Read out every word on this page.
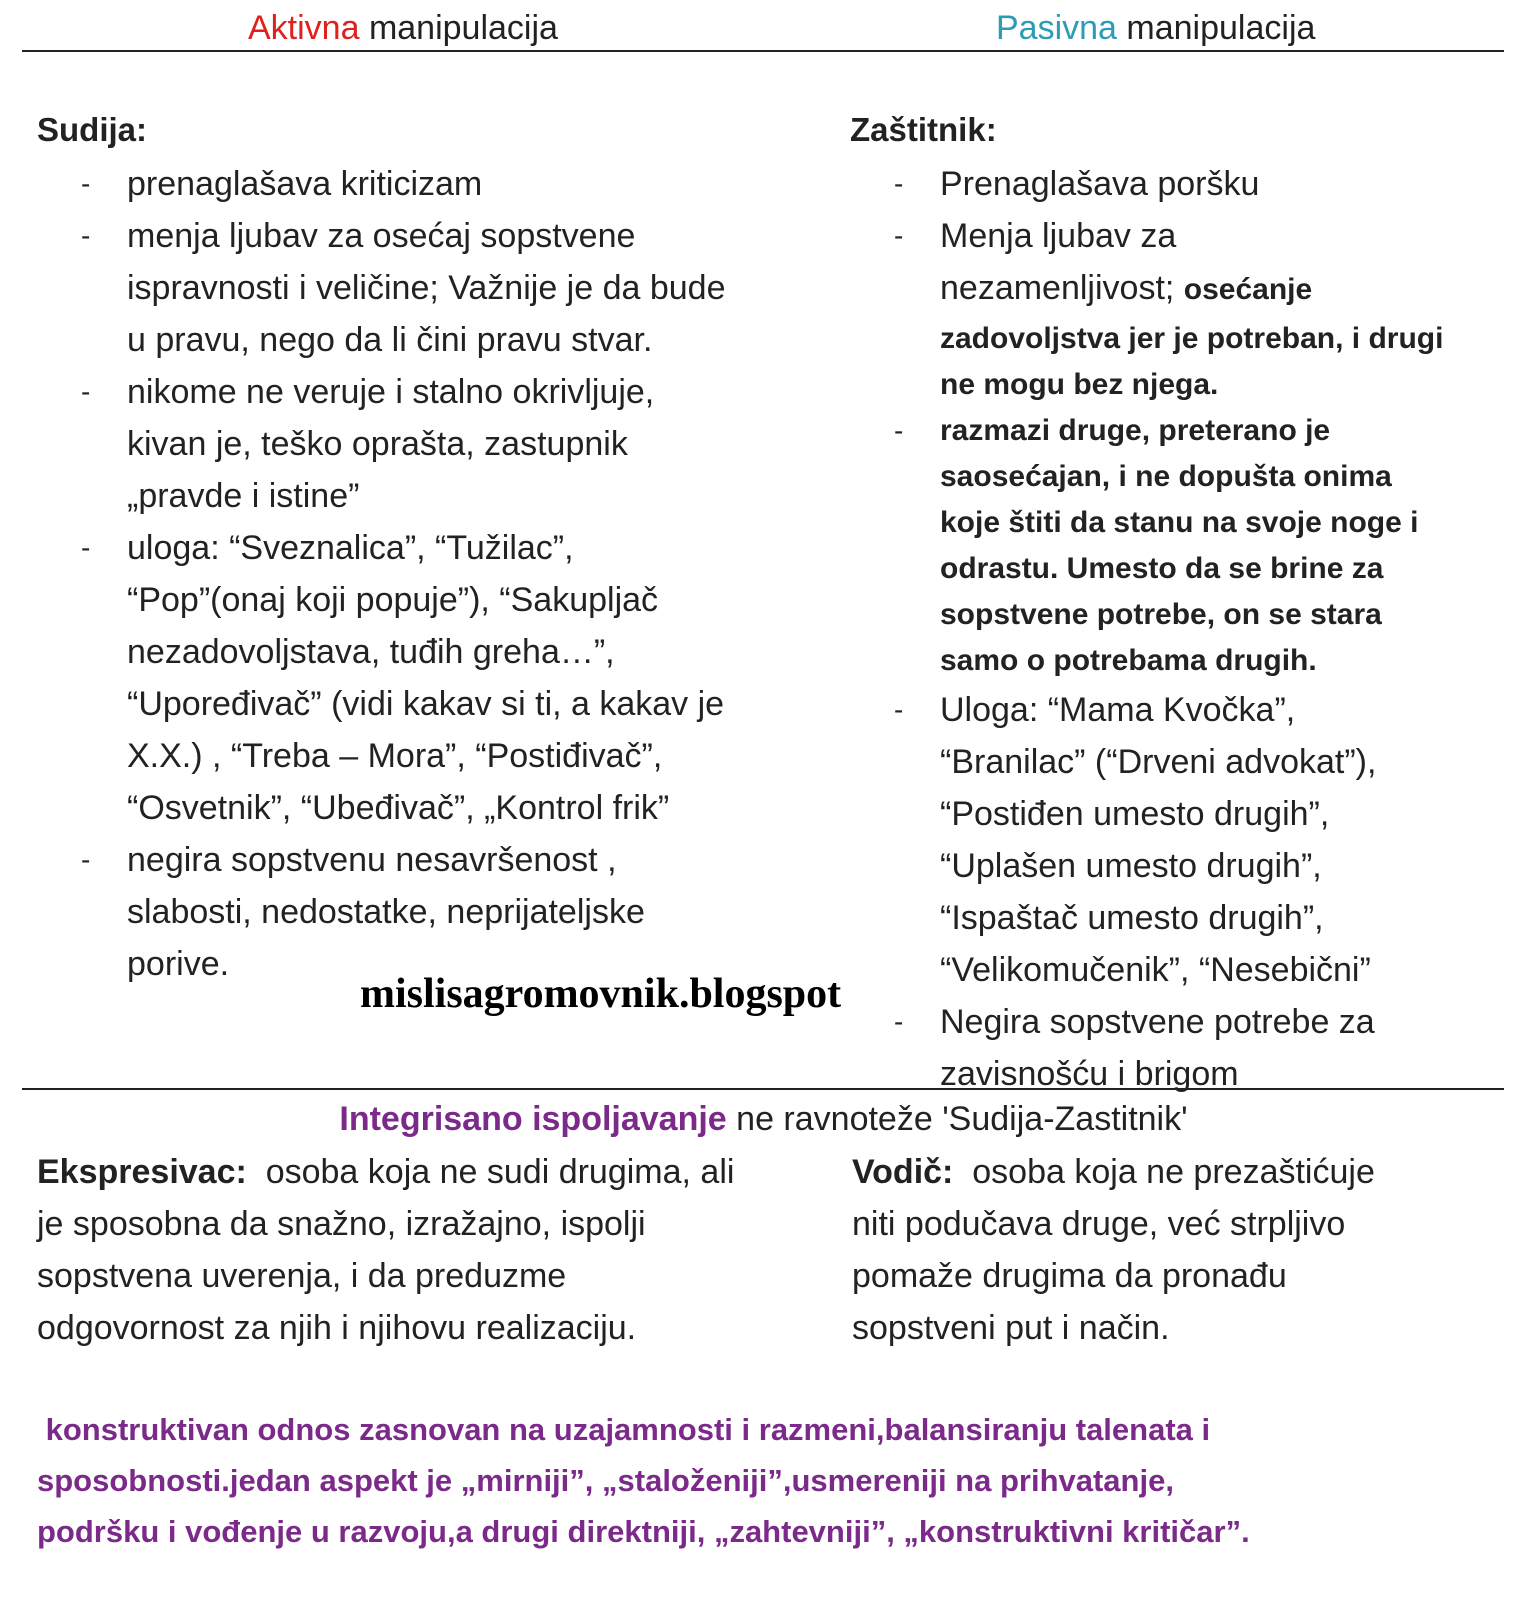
Aktivna manipulacija	Pasivna manipulacija
Sudija:
- prenaglašava kriticizam
- menja ljubav za osećaj sopstvene
ispravnosti i veličine; Važnije je da bude
u pravu, nego da li čini pravu stvar.
- nikome ne veruje i stalno okrivljuje,
kivan je, teško oprašta, zastupnik
„pravde i istine”
- uloga: “Sveznalica”, “Tužilac”,
“Pop”(onaj koji popuje”), “Sakupljač
nezadovoljstava, tuđih greha…”,
“Upoređivač” (vidi kakav si ti, a kakav je
X.X.) , “Treba – Mora”, “Postiđivač”,
“Osvetnik”, “Ubeđivač”, „Kontrol frik”
- negira sopstvenu nesavršenost ,
slabosti, nedostatke, neprijateljske
porive.
Zaštitnik:
- Prenaglašava poršku
- Menja ljubav za
nezamenljivost; osećanje
zadovoljstva jer je potreban, i drugi
ne mogu bez njega.
- razmazi druge, preterano je
saosećajan, i ne dopušta onima
koje štiti da stanu na svoje noge i
odrastu. Umesto da se brine za
sopstvene potrebe, on se stara
samo o potrebama drugih.
- Uloga: “Mama Kvočka”,
“Branilac” (“Drveni advokat”),
“Postiđen umesto drugih”,
“Uplašen umesto drugih”,
“Ispaštač umesto drugih”,
“Velikomučenik”, “Nesebični”
- Negira sopstvene potrebe za
zavisnošću i brigom
mislisagromovnik.blogspot
Integrisano ispoljavanje ne ravnoteže 'Sudija-Zastitnik'
Ekspresivac:  osoba koja ne sudi drugima, ali
je sposobna da snažno, izražajno, ispolji
sopstvena uverenja, i da preduzme
odgovornost za njih i njihovu realizaciju.
Vodič:  osoba koja ne prezaštićuje
niti podučava druge, već strpljivo
pomaže drugima da pronađu
sopstveni put i način.
konstruktivan odnos zasnovan na uzajamnosti i razmeni,balansiranju talenata i
sposobnosti.jedan aspekt je „mirniji”, „staloženiji”,usmereniji na prihvatanje,
podršku i vođenje u razvoju,a drugi direktniji, „zahtevniji”, „konstruktivni kritičar”.
